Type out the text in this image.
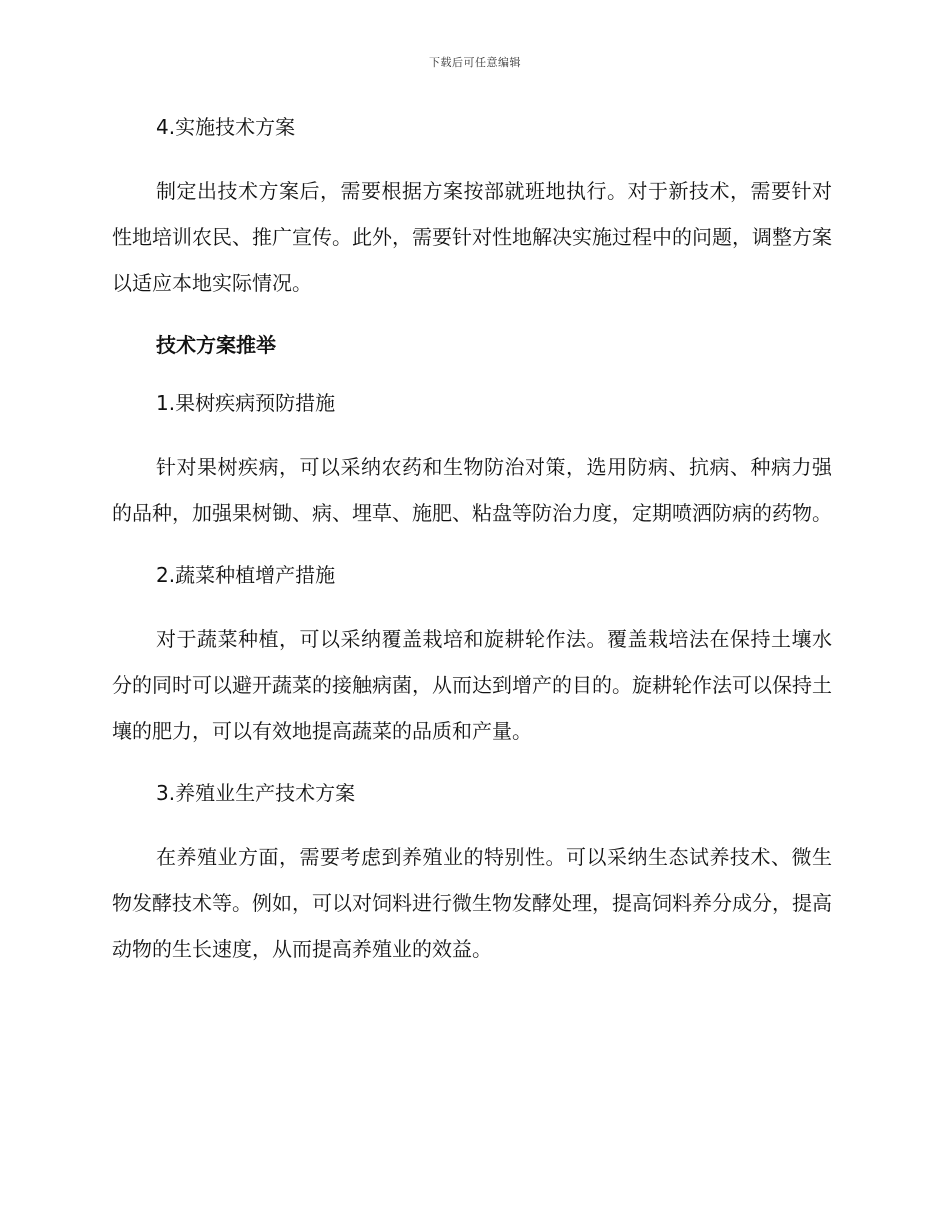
下载后可任意编辑

4.实施技术方案

制定出技术方案后，需要根据方案按部就班地执行。对于新技术，需要针对性地培训农民、推广宣传。此外，需要针对性地解决实施过程中的问题，调整方案以适应本地实际情况。

技术方案推举

1.果树疾病预防措施

针对果树疾病，可以采纳农药和生物防治对策，选用防病、抗病、种病力强的品种，加强果树锄、病、埋草、施肥、粘盘等防治力度，定期喷洒防病的药物。

2.蔬菜种植增产措施

对于蔬菜种植，可以采纳覆盖栽培和旋耕轮作法。覆盖栽培法在保持土壤水分的同时可以避开蔬菜的接触病菌，从而达到增产的目的。旋耕轮作法可以保持土壤的肥力，可以有效地提高蔬菜的品质和产量。

3.养殖业生产技术方案

在养殖业方面，需要考虑到养殖业的特别性。可以采纳生态试养技术、微生物发酵技术等。例如，可以对饲料进行微生物发酵处理，提高饲料养分成分，提高动物的生长速度，从而提高养殖业的效益。
